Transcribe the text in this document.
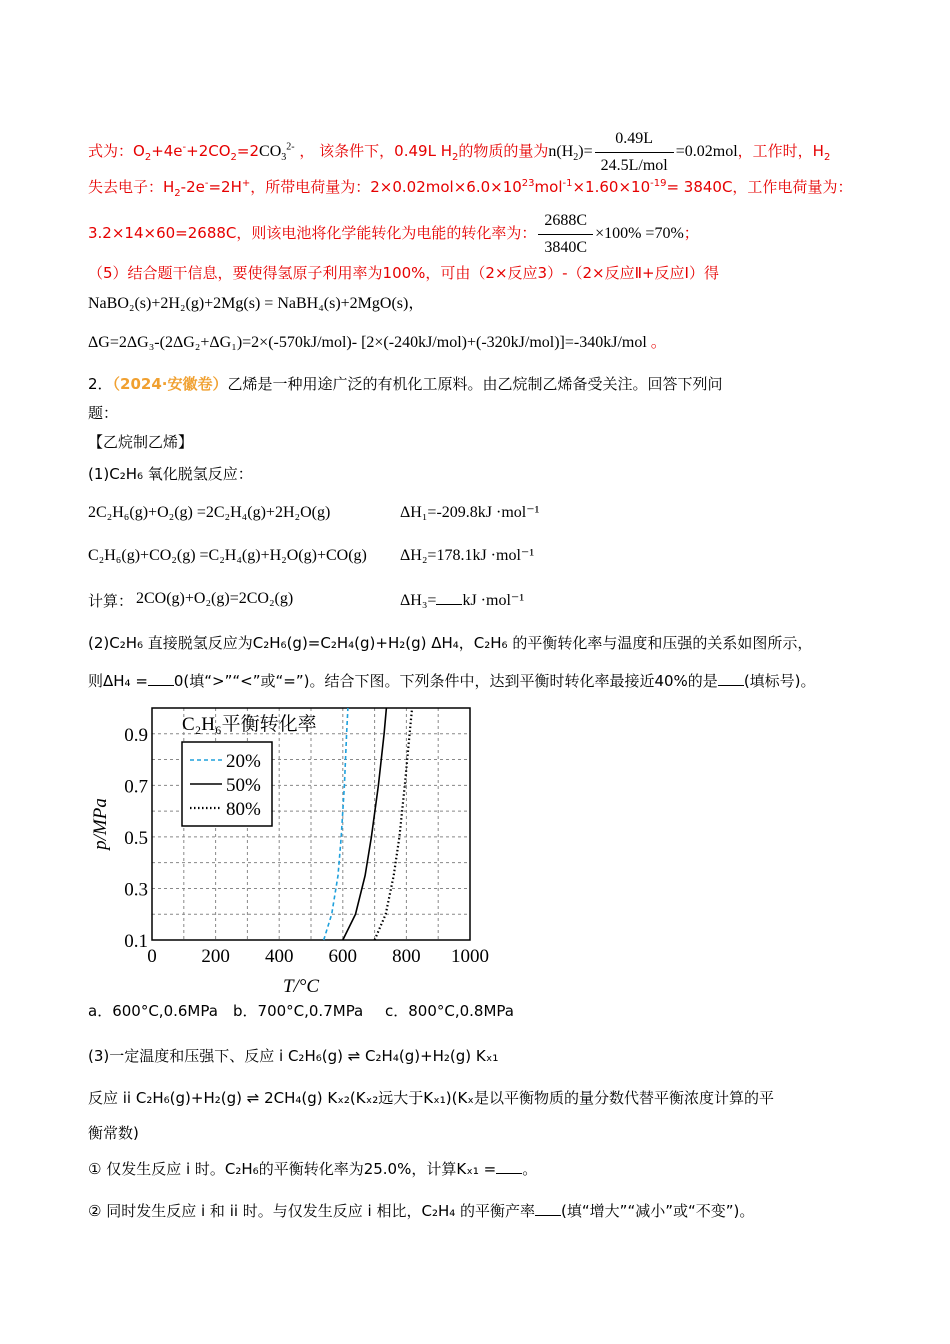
式为：$O_2+4e^-+2CO_2=2CO_3^{2-}$ ， 该条件下，0.49L $H_2$的物质的量为$n(H_2)= \frac{0.49L}{\text{24.5L/mol}} =0.02mol$，工作时，$H_2$
失去电子：$H_2-2e^-=2H^+$，所带电荷量为：$2\times 0.02mol\times 6.0\times 10^{23}mol^{-1}\times 1.60\times 10^{-19}= 3840C$，工作电荷量为：
3.2×14×60=2688C，则该电池将化学能转化为电能的转化率为： $\frac{2688C}{3840C} \times 100\% =70\%$；
（5）结合题干信息，要使得氢原子利用率为100%，可由（2×反应3）-（2×反应Ⅱ+反应Ⅰ）得
NaBO₂(s)+2H₂(g)+2Mg(s) = NaBH₄(s)+2MgO(s)，
ΔG=2ΔG₃-(2ΔG₂+ΔG₁)=2×(-570kJ/mol)- [2×(-240kJ/mol)+(-320kJ/mol)]=-340kJ/mol 。
2．（2024·安徽卷）乙烯是一种用途广泛的有机化工原料。由乙烷制乙烯备受关注。回答下列问
题：
【乙烷制乙烯】
(1)C₂H₆ 氧化脱氢反应：
2C₂H₆(g)+O₂(g) =2C₂H₄(g)+2H₂O(g)	ΔH₁=-209.8kJ ·mol⁻¹
C₂H₆(g)+CO₂(g) =C₂H₄(g)+H₂O(g)+CO(g) ΔH₂=178.1kJ ·mol⁻¹
计算： 2CO(g)+O₂(g)=2CO₂(g)	ΔH₃= kJ ·mol⁻¹
(2)C₂H₆ 直接脱氢反应为C₂H₆(g)=C₂H₄(g)+H₂(g) ΔH₄，C₂H₆ 的平衡转化率与温度和压强的关系如图所示，
则ΔH₄ = 0(填“>”“<”或“=”)。结合下图。下列条件中，达到平衡时转化率最接近40%的是 (填标号)。
0 200 400 600 800 1000
0.1
0.3
0.5
0.7
0.9
T/°C
p/MPa
C₂H₆平衡转化率
20%
50%
80%
a．600°C,0.6MPa b．700°C,0.7MPa c．800°C,0.8MPa
(3)一定温度和压强下、反应 i C₂H₆(g) ⇌ C₂H₄(g)+H₂(g) Kₓ₁
反应 ii C₂H₆(g)+H₂(g) ⇌ 2CH₄(g) Kₓ₂(Kₓ₂远大于Kₓ₁)(Kₓ是以平衡物质的量分数代替平衡浓度计算的平
衡常数)
① 仅发生反应 i 时。C₂H₆的平衡转化率为25.0%，计算Kₓ₁ = 。
② 同时发生反应 i 和 ii 时。与仅发生反应 i 相比，C₂H₄ 的平衡产率 (填“增大”“减小”或“不变”)。
